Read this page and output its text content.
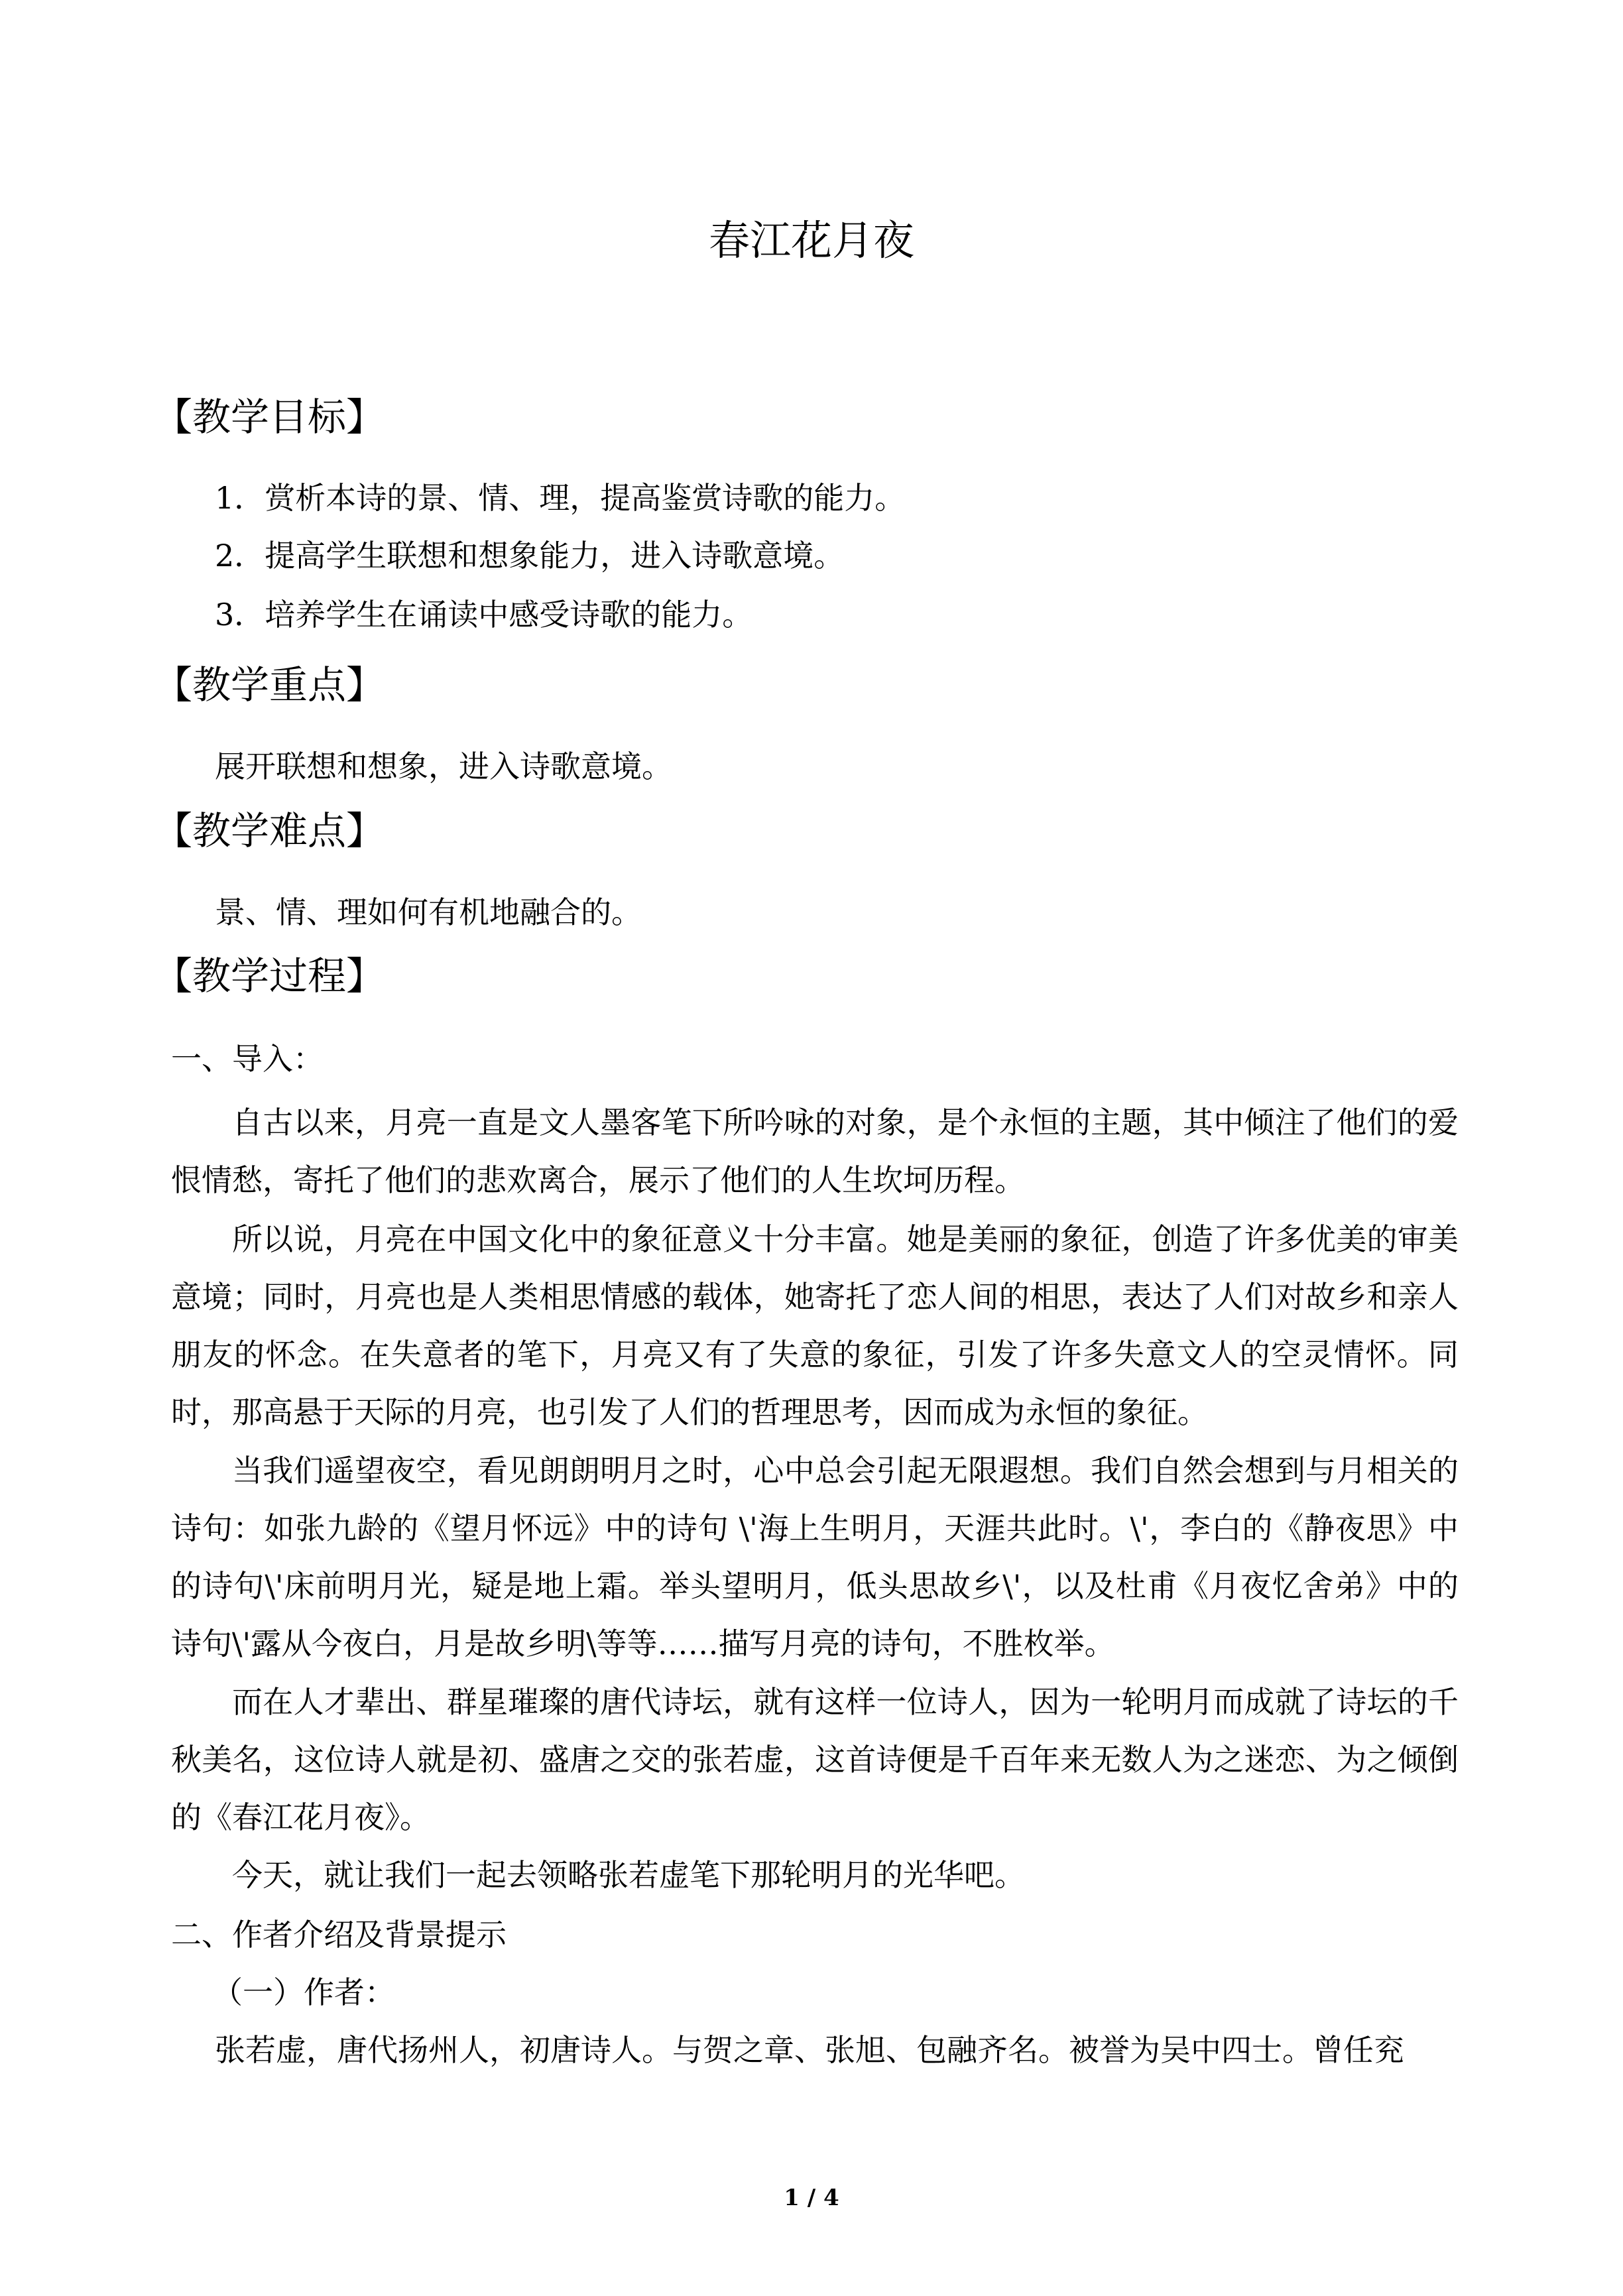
春江花月夜
【教学目标】

1．赏析本诗的景、情、理，提高鉴赏诗歌的能力。

2．提高学生联想和想象能力，进入诗歌意境。

3．培养学生在诵读中感受诗歌的能力。

【教学重点】

展开联想和想象，进入诗歌意境。

【教学难点】

景、情、理如何有机地融合的。

【教学过程】

一、导入：

自古以来，月亮一直是文人墨客笔下所吟咏的对象，是个永恒的主题，其中倾注了他们的爱恨情愁，寄托了他们的悲欢离合，展示了他们的人生坎坷历程。

所以说，月亮在中国文化中的象征意义十分丰富。她是美丽的象征，创造了许多优美的审美意境；同时，月亮也是人类相思情感的载体，她寄托了恋人间的相思，表达了人们对故乡和亲人朋友的怀念。在失意者的笔下，月亮又有了失意的象征，引发了许多失意文人的空灵情怀。同时，那高悬于天际的月亮，也引发了人们的哲理思考，因而成为永恒的象征。

当我们遥望夜空，看见朗朗明月之时，心中总会引起无限遐想。我们自然会想到与月相关的诗句：如张九龄的《望月怀远》中的诗句 \'海上生明月，天涯共此时。\'，李白的《静夜思》中的诗句\'床前明月光，疑是地上霜。举头望明月，低头思故乡\'，以及杜甫《月夜忆舍弟》中的诗句\'露从今夜白，月是故乡明\等等……描写月亮的诗句，不胜枚举。

而在人才辈出、群星璀璨的唐代诗坛，就有这样一位诗人，因为一轮明月而成就了诗坛的千秋美名，这位诗人就是初、盛唐之交的张若虚，这首诗便是千百年来无数人为之迷恋、为之倾倒的《春江花月夜》。

今天，就让我们一起去领略张若虚笔下那轮明月的光华吧。

二、作者介绍及背景提示

（一）作者：

张若虚，唐代扬州人，初唐诗人。与贺之章、张旭、包融齐名。被誉为吴中四士。曾任兖

1 / 4
